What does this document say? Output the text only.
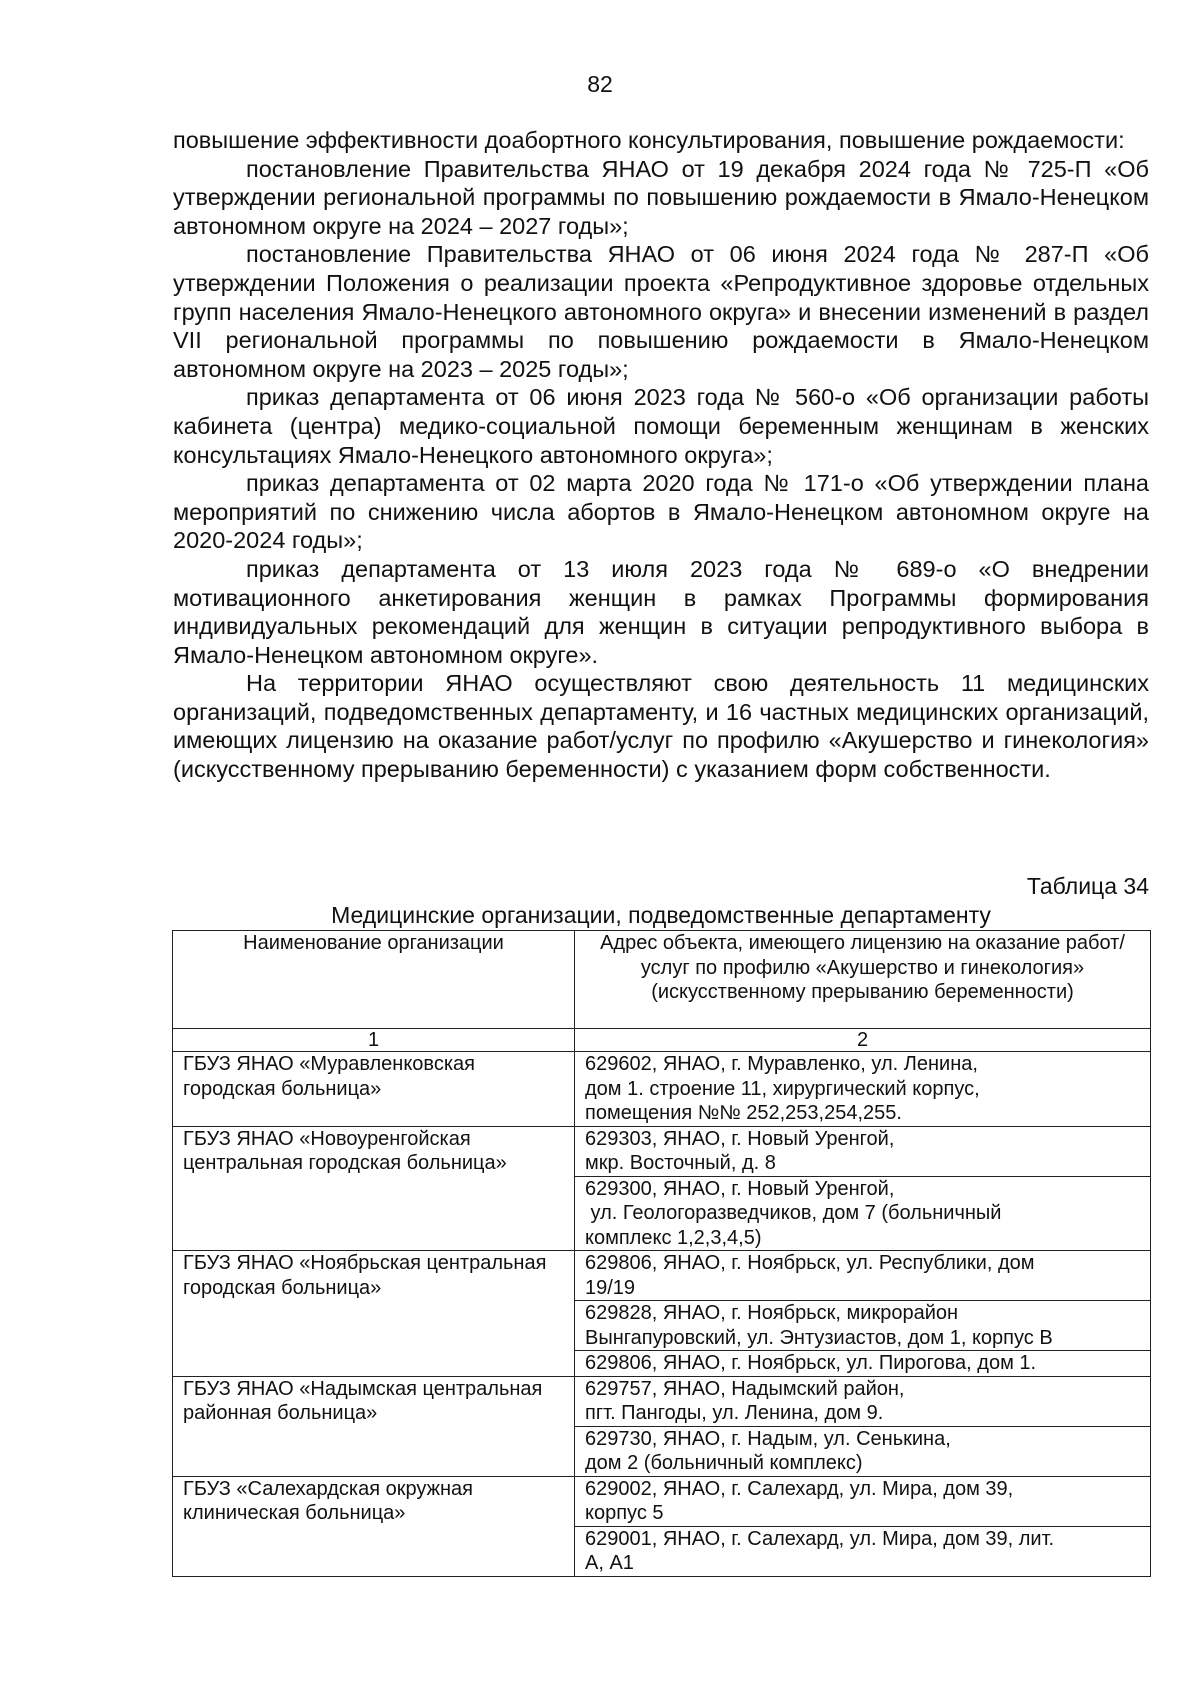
82

повышение эффективности доабортного консультирования, повышение рождаемости:

постановление Правительства ЯНАО от 19 декабря 2024 года № 725-П «Об утверждении региональной программы по повышению рождаемости в Ямало-Ненецком автономном округе на 2024 – 2027 годы»;

постановление Правительства ЯНАО от 06 июня 2024 года № 287-П «Об утверждении Положения о реализации проекта «Репродуктивное здоровье отдельных групп населения Ямало-Ненецкого автономного округа» и внесении изменений в раздел VII региональной программы по повышению рождаемости в Ямало-Ненецком автономном округе на 2023 – 2025 годы»;

приказ департамента от 06 июня 2023 года № 560-о «Об организации работы кабинета (центра) медико-социальной помощи беременным женщинам в женских консультациях Ямало-Ненецкого автономного округа»;

приказ департамента от 02 марта 2020 года № 171-о «Об утверждении плана мероприятий по снижению числа абортов в Ямало-Ненецком автономном округе на 2020-2024 годы»;

приказ департамента от 13 июля 2023 года № 689-о «О внедрении мотивационного анкетирования женщин в рамках Программы формирования индивидуальных рекомендаций для женщин в ситуации репродуктивного выбора в Ямало-Ненецком автономном округе».

На территории ЯНАО осуществляют свою деятельность 11 медицинских организаций, подведомственных департаменту, и 16 частных медицинских организаций, имеющих лицензию на оказание работ/услуг по профилю «Акушерство и гинекология» (искусственному прерыванию беременности) с указанием форм собственности.

Таблица 34
Медицинские организации, подведомственные департаменту
Наименование организации	Адрес объекта, имеющего лицензию на оказание работ/услуг по профилю «Акушерство и гинекология» (искусственному прерыванию беременности)
1	2
ГБУЗ ЯНАО «Муравленковская городская больница»	629602, ЯНАО, г. Муравленко, ул. Ленина,
дом 1. строение 11, хирургический корпус,
помещения №№ 252,253,254,255.

ГБУЗ ЯНАО «Новоуренгойская центральная городская больница»	629303, ЯНАО, г. Новый Уренгой,
мкр. Восточный, д. 8

	629300, ЯНАО, г. Новый Уренгой,
ул. Геологоразведчиков, дом 7 (больничный
комплекс 1,2,3,4,5)

ГБУЗ ЯНАО «Ноябрьская центральная городская больница»	629806, ЯНАО, г. Ноябрьск, ул. Республики, дом
19/19

	629828, ЯНАО, г. Ноябрьск, микрорайон
Вынгапуровский, ул. Энтузиастов, дом 1, корпус В

	629806, ЯНАО, г. Ноябрьск, ул. Пирогова, дом 1.

ГБУЗ ЯНАО «Надымская центральная районная больница»	629757, ЯНАО, Надымский район,
пгт. Пангоды, ул. Ленина, дом 9.

	629730, ЯНАО, г. Надым, ул. Сенькина,
дом 2 (больничный комплекс)

ГБУЗ «Салехардская окружная клиническая больница»	629002, ЯНАО, г. Салехард, ул. Мира, дом 39,
корпус 5

	629001, ЯНАО, г. Салехард, ул. Мира, дом 39, лит.
А, А1
